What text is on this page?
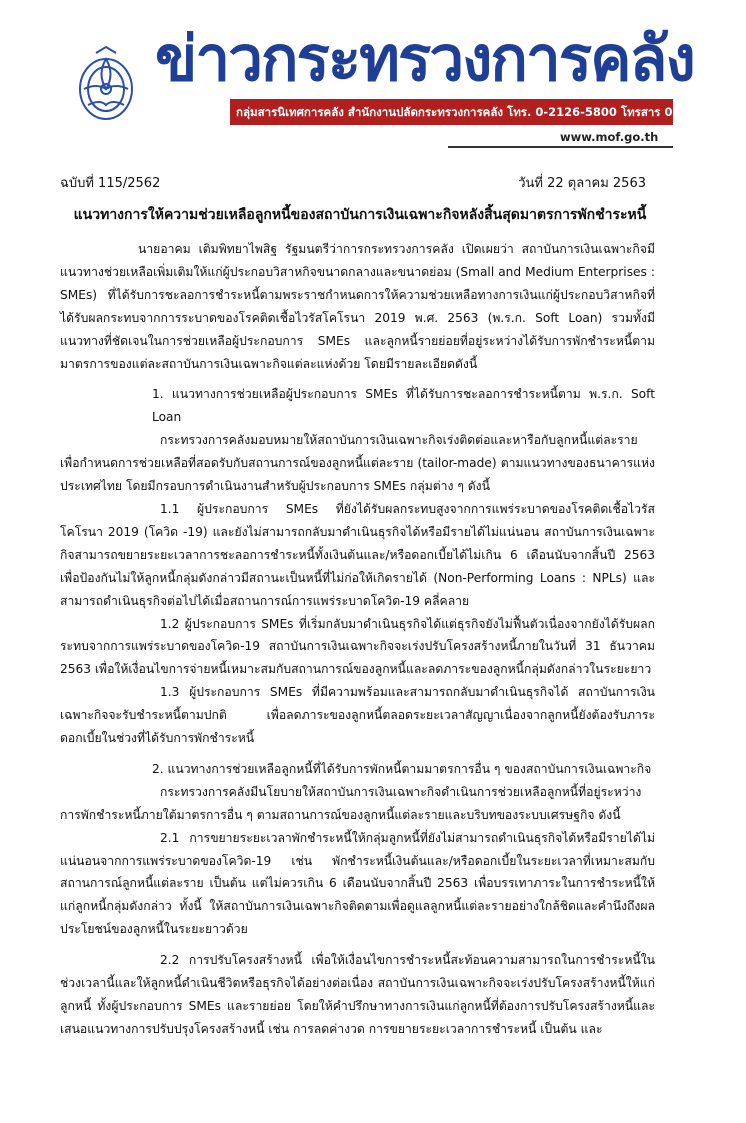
ข่าวกระทรวงการคลัง
กลุ่มสารนิเทศการคลัง สำนักงานปลัดกระทรวงการคลัง โทร. 0-2126-5800 โทรสาร 0-2273-9763
www.mof.go.th
ฉบับที่ 115/2562	วันที่ 22 ตุลาคม 2563
แนวทางการให้ความช่วยเหลือลูกหนี้ของสถาบันการเงินเฉพาะกิจหลังสิ้นสุดมาตรการพักชำระหนี้

นายอาคม เติมพิทยาไพสิฐ รัฐมนตรีว่าการกระทรวงการคลัง เปิดเผยว่า สถาบันการเงินเฉพาะกิจมีแนวทางช่วยเหลือเพิ่มเติมให้แก่ผู้ประกอบวิสาหกิจขนาดกลางและขนาดย่อม (Small and Medium Enterprises : SMEs) ที่ได้รับการชะลอการชำระหนี้ตามพระราชกำหนดการให้ความช่วยเหลือทางการเงินแก่ผู้ประกอบวิสาหกิจที่ได้รับผลกระทบจากการระบาดของโรคติดเชื้อไวรัสโคโรนา 2019 พ.ศ. 2563 (พ.ร.ก. Soft Loan) รวมทั้งมีแนวทางที่ชัดเจนในการช่วยเหลือผู้ประกอบการ SMEs และลูกหนี้รายย่อยที่อยู่ระหว่างได้รับการพักชำระหนี้ตามมาตรการของแต่ละสถาบันการเงินเฉพาะกิจแต่ละแห่งด้วย โดยมีรายละเอียดดังนี้

1. แนวทางการช่วยเหลือผู้ประกอบการ SMEs ที่ได้รับการชะลอการชำระหนี้ตาม พ.ร.ก. Soft Loan

กระทรวงการคลังมอบหมายให้สถาบันการเงินเฉพาะกิจเร่งติดต่อและหารือกับลูกหนี้แต่ละรายเพื่อกำหนดการช่วยเหลือที่สอดรับกับสถานการณ์ของลูกหนี้แต่ละราย (tailor-made) ตามแนวทางของธนาคารแห่งประเทศไทย โดยมีกรอบการดำเนินงานสำหรับผู้ประกอบการ SMEs กลุ่มต่าง ๆ ดังนี้

1.1 ผู้ประกอบการ SMEs ที่ยังได้รับผลกระทบสูงจากการแพร่ระบาดของโรคติดเชื้อไวรัสโคโรนา 2019 (โควิด -19) และยังไม่สามารถกลับมาดำเนินธุรกิจได้หรือมีรายได้ไม่แน่นอน สถาบันการเงินเฉพาะกิจสามารถขยายระยะเวลาการชะลอการชำระหนี้ทั้งเงินต้นและ/หรือดอกเบี้ยได้ไม่เกิน 6 เดือนนับจากสิ้นปี 2563 เพื่อป้องกันไม่ให้ลูกหนี้กลุ่มดังกล่าวมีสถานะเป็นหนี้ที่ไม่ก่อให้เกิดรายได้ (Non-Performing Loans : NPLs) และสามารถดำเนินธุรกิจต่อไปได้เมื่อสถานการณ์การแพร่ระบาดโควิด-19 คลี่คลาย

1.2 ผู้ประกอบการ SMEs ที่เริ่มกลับมาดำเนินธุรกิจได้แต่ธุรกิจยังไม่ฟื้นตัวเนื่องจากยังได้รับผลกระทบจากการแพร่ระบาดของโควิด-19 สถาบันการเงินเฉพาะกิจจะเร่งปรับโครงสร้างหนี้ภายในวันที่ 31 ธันวาคม 2563 เพื่อให้เงื่อนไขการจ่ายหนี้เหมาะสมกับสถานการณ์ของลูกหนี้และลดภาระของลูกหนี้กลุ่มดังกล่าวในระยะยาว

1.3 ผู้ประกอบการ SMEs ที่มีความพร้อมและสามารถกลับมาดำเนินธุรกิจได้ สถาบันการเงินเฉพาะกิจจะรับชำระหนี้ตามปกติ เพื่อลดภาระของลูกหนี้ตลอดระยะเวลาสัญญาเนื่องจากลูกหนี้ยังต้องรับภาระดอกเบี้ยในช่วงที่ได้รับการพักชำระหนี้

2. แนวทางการช่วยเหลือลูกหนี้ที่ได้รับการพักหนี้ตามมาตรการอื่น ๆ ของสถาบันการเงินเฉพาะกิจ

กระทรวงการคลังมีนโยบายให้สถาบันการเงินเฉพาะกิจดำเนินการช่วยเหลือลูกหนี้ที่อยู่ระหว่างการพักชำระหนี้ภายใต้มาตรการอื่น ๆ ตามสถานการณ์ของลูกหนี้แต่ละรายและบริบทของระบบเศรษฐกิจ ดังนี้

2.1 การขยายระยะเวลาพักชำระหนี้ให้กลุ่มลูกหนี้ที่ยังไม่สามารถดำเนินธุรกิจได้หรือมีรายได้ไม่แน่นอนจากการแพร่ระบาดของโควิด-19 เช่น พักชำระหนี้เงินต้นและ/หรือดอกเบี้ยในระยะเวลาที่เหมาะสมกับสถานการณ์ลูกหนี้แต่ละราย เป็นต้น แต่ไม่ควรเกิน 6 เดือนนับจากสิ้นปี 2563 เพื่อบรรเทาภาระในการชำระหนี้ให้แก่ลูกหนี้กลุ่มดังกล่าว ทั้งนี้ ให้สถาบันการเงินเฉพาะกิจติดตามเพื่อดูแลลูกหนี้แต่ละรายอย่างใกล้ชิดและคำนึงถึงผลประโยชน์ของลูกหนี้ในระยะยาวด้วย

2.2 การปรับโครงสร้างหนี้ เพื่อให้เงื่อนไขการชำระหนี้สะท้อนความสามารถในการชำระหนี้ในช่วงเวลานี้และให้ลูกหนี้ดำเนินชีวิตหรือธุรกิจได้อย่างต่อเนื่อง สถาบันการเงินเฉพาะกิจจะเร่งปรับโครงสร้างหนี้ให้แก่ลูกหนี้ ทั้งผู้ประกอบการ SMEs และรายย่อย โดยให้คำปรึกษาทางการเงินแก่ลูกหนี้ที่ต้องการปรับโครงสร้างหนี้และเสนอแนวทางการปรับปรุงโครงสร้างหนี้ เช่น การลดค่างวด การขยายระยะเวลาการชำระหนี้ เป็นต้น และ
